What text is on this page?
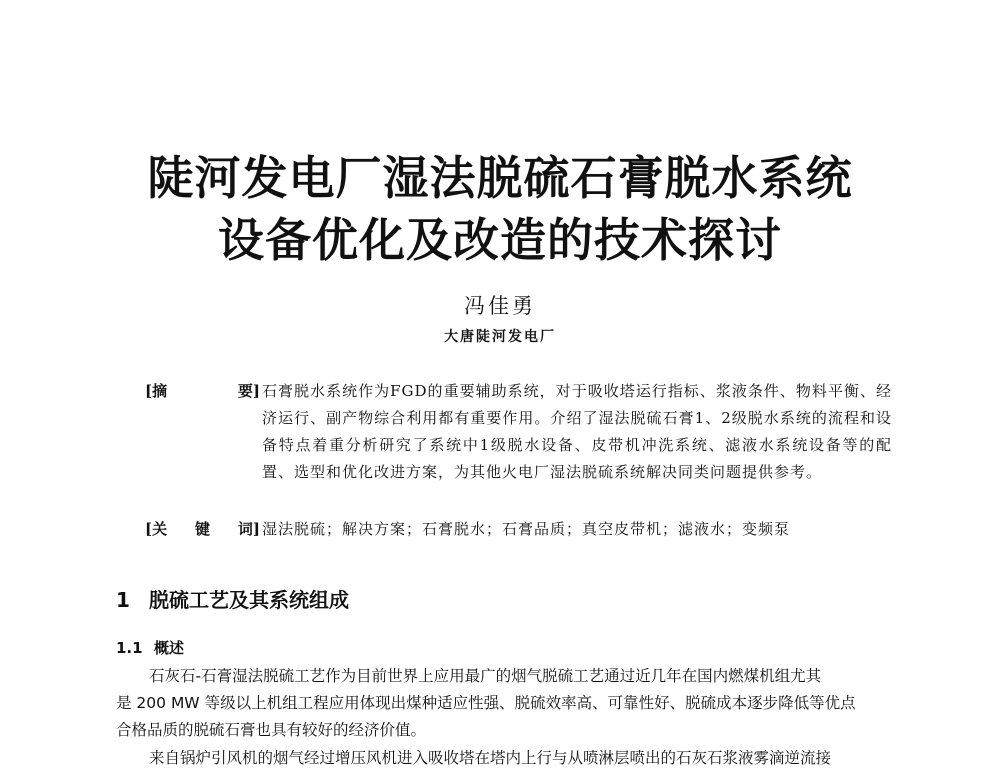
陡河发电厂湿法脱硫石膏脱水系统
设备优化及改造的技术探讨
冯佳勇
大唐陡河发电厂
[摘	要] 石膏脱水系统作为FGD的重要辅助系统，对于吸收塔运行指标、浆液条件、物料平衡、经济运行、副产物综合利用都有重要作用。介绍了湿法脱硫石膏1、2级脱水系统的流程和设备特点着重分析研究了系统中1级脱水设备、皮带机冲洗系统、滤液水系统设备等的配置、选型和优化改进方案，为其他火电厂湿法脱硫系统解决同类问题提供参考。
[关 键 词] 湿法脱硫；解决方案；石膏脱水；石膏品质；真空皮带机；滤液水；变频泵
1 脱硫工艺及其系统组成
1.1 概述
石灰石-石膏湿法脱硫工艺作为目前世界上应用最广的烟气脱硫工艺通过近几年在国内燃煤机组尤其
是 200 MW 等级以上机组工程应用体现出煤种适应性强、脱硫效率高、可靠性好、脱硫成本逐步降低等优点
合格品质的脱硫石膏也具有较好的经济价值。
来自锅炉引风机的烟气经过增压风机进入吸收塔在塔内上行与从喷淋层喷出的石灰石浆液雾滴逆流接
